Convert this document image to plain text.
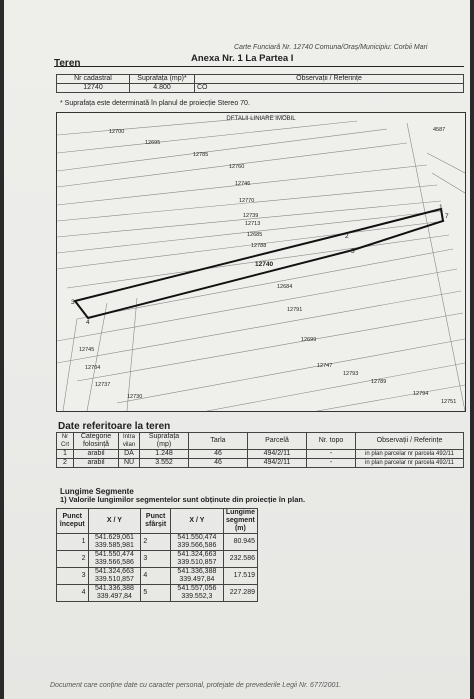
Carte Funciară Nr. 12740 Comuna/Oraș/Municipiu: Corbii Mari
Anexa Nr. 1 La Partea I
Teren
Nr cadastral	Suprafața (mp)*	Observații / Referințe
12740	4.800	CO
* Suprafața este determinată în planul de proiecție Stereo 70.
DETALII LINIARE IMOBIL
1
2
3
4
5
7
12700
12695
12785
12760
12746
12770
12739
12713
12685
12788
12740
12684
12791
12699
12745
12704
12737
12730
12747
12793
12789
12794
12751
4587
Date referitoare la teren
Nr Crt	Categorie folosință	Intra vilan	Suprafața (mp)	Tarla	Parcelă	Nr. topo	Observații / Referințe
1	arabil	DA	1.248	46	494/2/11	-	in plan parcelar nr parcela 492/11
2	arabil	NU	3.552	46	494/2/11	-	in plan parcelar nr parcela 492/11
Lungime Segmente
1) Valorile lungimilor segmentelor sunt obținute din proiecție în plan.
Punct început	X / Y	Punct sfârșit	X / Y	Lungime segment (m)
1	541.629,061 339.585,981	2	541.550,474 339.566,586	80.945
2	541.550,474 339.566,586	3	541.324,663 339.510,857	232.586
3	541.324,663 339.510,857	4	541.336,388 339.497,84	17.519
4	541.336,388 339.497,84	5	541.557,056 339.552,3	227.289
Document care conține date cu caracter personal, protejate de prevederile Legii Nr. 677/2001.
